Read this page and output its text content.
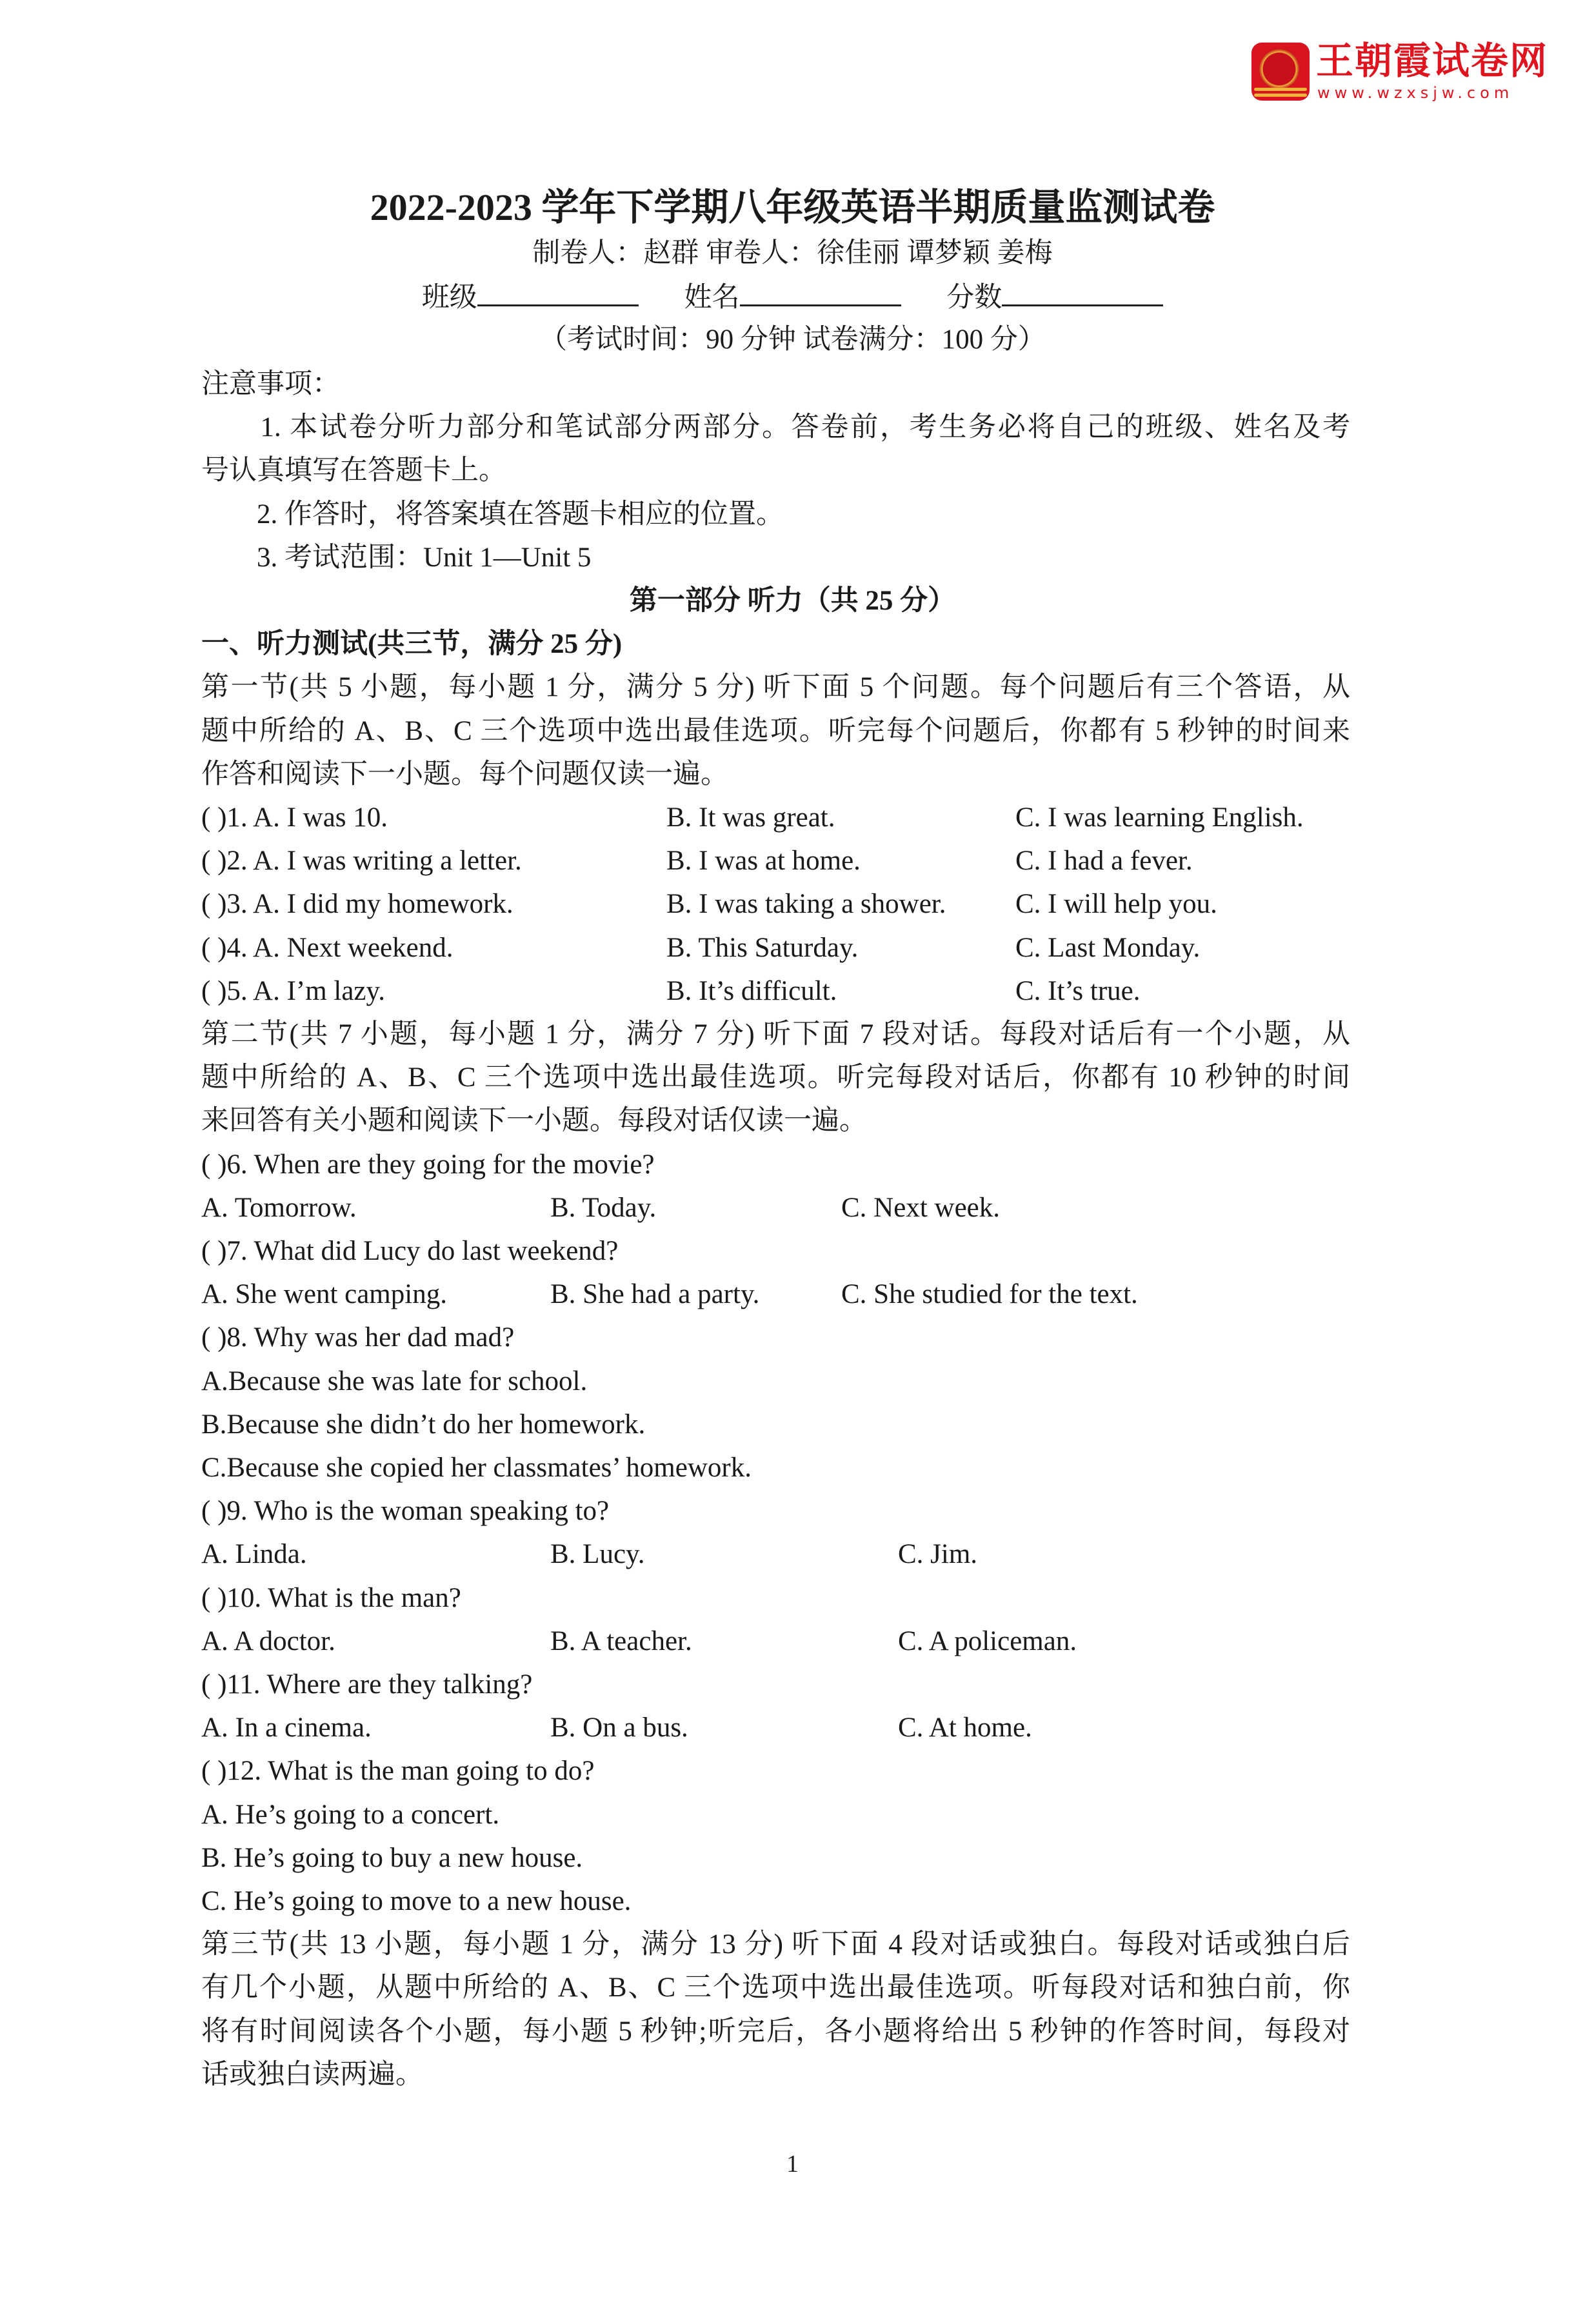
王朝霞试卷网
www.wzxsjw.com
2022-2023 学年下学期八年级英语半期质量监测试卷
制卷人：赵群 审卷人：徐佳丽 谭梦颖 姜梅
班级	姓名	分数
（考试时间：90 分钟 试卷满分：100 分）
注意事项：
　　1. 本试卷分听力部分和笔试部分两部分。答卷前，考生务必将自己的班级、姓名及考
号认真填写在答题卡上。
　　2. 作答时，将答案填在答题卡相应的位置。
　　3. 考试范围：Unit 1—Unit 5
第一部分 听力（共 25 分）
一、听力测试(共三节，满分 25 分)
第一节(共 5 小题，每小题 1 分，满分 5 分) 听下面 5 个问题。每个问题后有三个答语，从
题中所给的 A、B、C 三个选项中选出最佳选项。听完每个问题后，你都有 5 秒钟的时间来
作答和阅读下一小题。每个问题仅读一遍。
( )1. A. I was 10.	B. It was great.	C. I was learning English.
( )2. A. I was writing a letter.	B. I was at home.	C. I had a fever.
( )3. A. I did my homework.	B. I was taking a shower. C. I will help you.
( )4. A. Next weekend.	B. This Saturday.	C. Last Monday.
( )5. A. I’m lazy.	B. It’s difficult.	C. It’s true.
第二节(共 7 小题，每小题 1 分，满分 7 分) 听下面 7 段对话。每段对话后有一个小题，从
题中所给的 A、B、C 三个选项中选出最佳选项。听完每段对话后，你都有 10 秒钟的时间
来回答有关小题和阅读下一小题。每段对话仅读一遍。
( )6. When are they going for the movie?
A. Tomorrow.	B. Today.	C. Next week.
( )7. What did Lucy do last weekend?
A. She went camping.	B. She had a party.	C. She studied for the text.
( )8. Why was her dad mad?
A.Because she was late for school.
B.Because she didn’t do her homework.
C.Because she copied her classmates’ homework.
( )9. Who is the woman speaking to?
A. Linda.	B. Lucy.	C. Jim.
( )10. What is the man?
A. A doctor.	B. A teacher.	C. A policeman.
( )11. Where are they talking?
A. In a cinema.	B. On a bus.	C. At home.
( )12. What is the man going to do?
A. He’s going to a concert.
B. He’s going to buy a new house.
C. He’s going to move to a new house.
第三节(共 13 小题，每小题 1 分，满分 13 分) 听下面 4 段对话或独白。每段对话或独白后
有几个小题，从题中所给的 A、B、C 三个选项中选出最佳选项。听每段对话和独白前，你
将有时间阅读各个小题，每小题 5 秒钟;听完后，各小题将给出 5 秒钟的作答时间，每段对
话或独白读两遍。
1
